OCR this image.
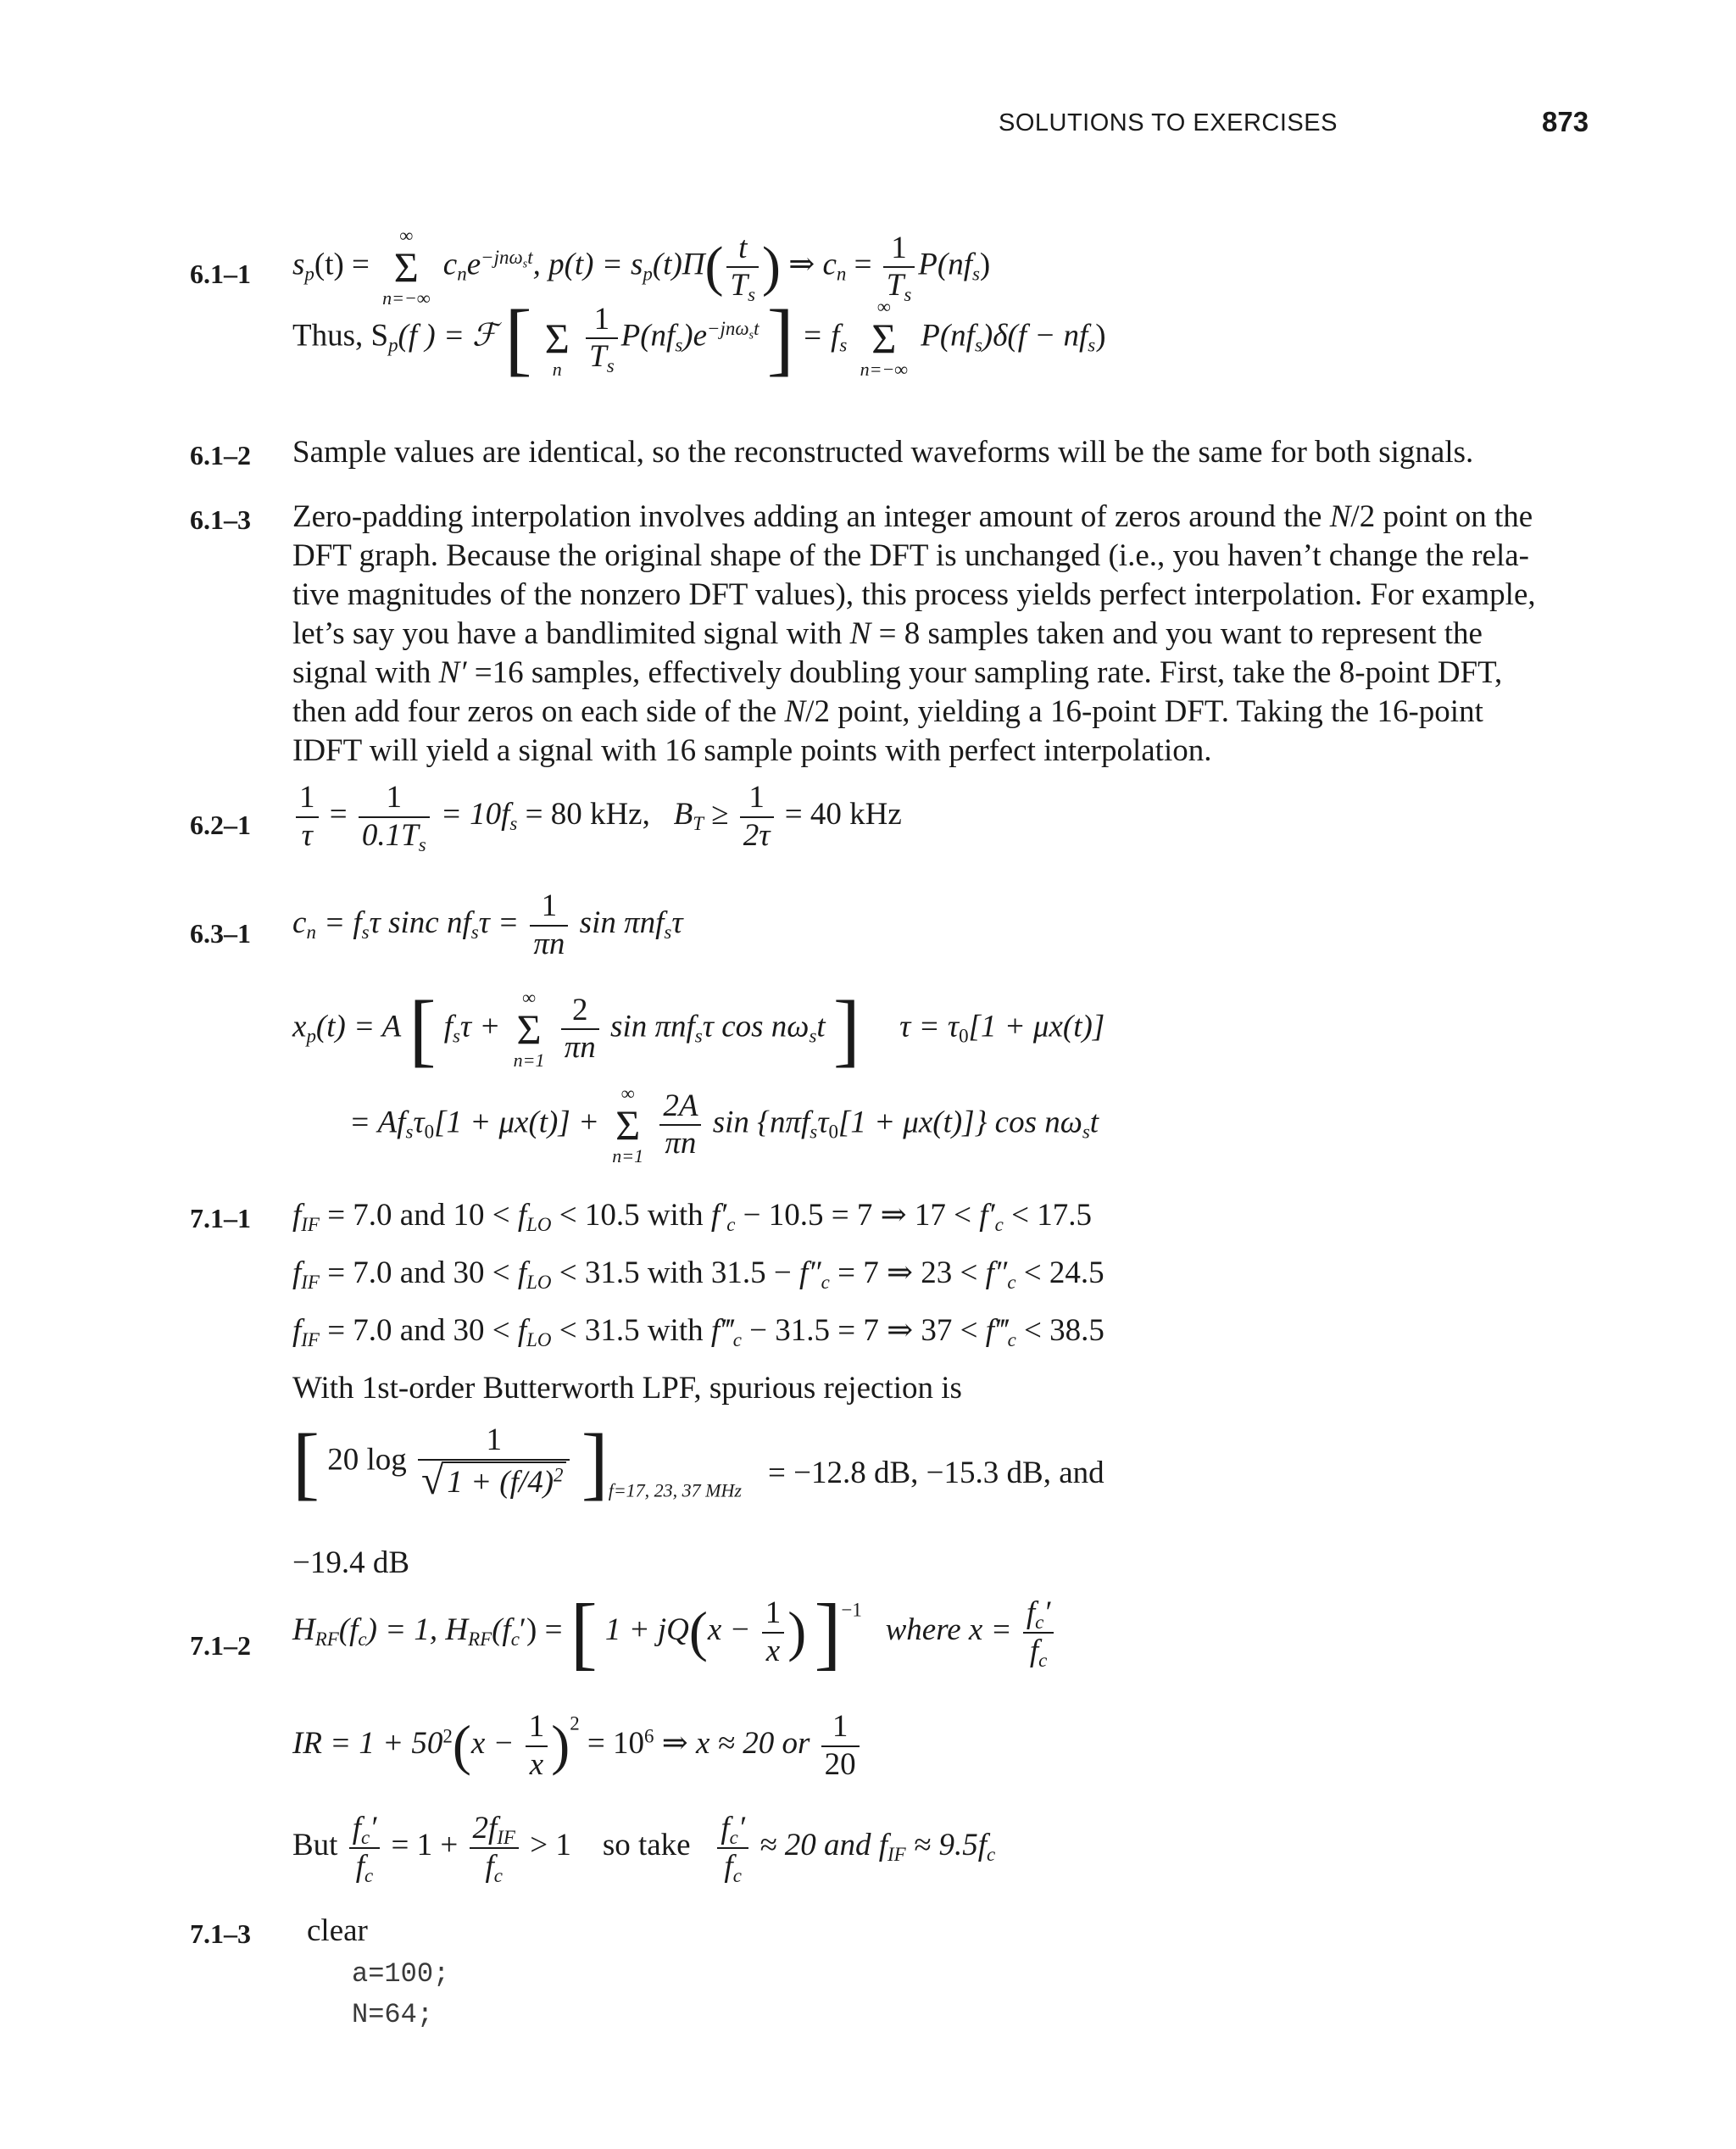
SOLUTIONS TO EXERCISES	873
6.1–1 $s_p(t)$ =
∞
Σ
n=−∞
$c_ne^{-jn\omega_st}$, $p(t) = s_p(t)\Pi( \frac{t}{T_s}$ ) ⇒ $c_n = \frac{1}{T_s} P(nf_s)$
Thus, $S_p(f$ ) = ℱ [
Σ
n
$\frac{1}{T_s} P(nf_s)e^{-jn\omega_st}$ ] = $f_s$
∞
Σ
n=−∞
$P(nf_s)\delta(f - nf_s)$
6.1–2 Sample values are identical, so the reconstructed waveforms will be the same for both signals.
6.1–3 Zero-padding interpolation involves adding an integer amount of zeros around the N/2 point on the
DFT graph. Because the original shape of the DFT is unchanged (i.e., you haven’t change the rela-
tive magnitudes of the nonzero DFT values), this process yields perfect interpolation. For example,
let’s say you have a bandlimited signal with N = 8 samples taken and you want to represent the
signal with N′ =16 samples, effectively doubling your sampling rate. First, take the 8-point DFT,
then add four zeros on each side of the N/2 point, yielding a 16-point DFT. Taking the 16-point
IDFT will yield a signal with 16 sample points with perfect interpolation.
$6.2-1 \frac{1}{\tau} = \frac{1}{0.1T_s} = 10f_s = 80$ kHz, $B_T \ge \frac{1}{2\tau} = 40$ kHz
6.3–1 $c_n = f_s\tau$ sinc $nf_s\tau = \frac{1}{\pi n}$ sin πnf$_s$τ
$x_p(t) = A$ [ $f_s\tau$ +
∞
Σ
n=1
$\frac{2}{\pi n}$ sin πnf$_s$τ $\cos n\omega_st$ ] $\tau = \tau_0[1 + \mu x(t)]$
= $Af_s\tau_0[1 + \mu x(t)]$ +
∞
Σ
n=1
$\frac{2A}{\pi n}$ $\sin \{n\pi f_s\tau_0[1 + \mu x(t)]\}$ $\cos n\omega_st$
7.1–1 $f_{IF} = 7.0$ and $10 < f_{LO} < 10.5$ with $f'_c - 10.5 = 7$ ⇒ $17 < f'_c < 17.5$
$f_{IF} = 7.0$ and $30 < f_{LO} < 31.5$ with $31.5 - f''_c = 7$ ⇒ $23 < f''_c < 24.5$
$f_{IF} = 7.0$ and $30 < f_{LO} < 31.5$ with $f‴_c - 31.5 = 7$ ⇒ $37 < f‴_c < 38.5$
With 1st-order Butterworth LPF, spurious rejection is
[ 20 $\log \frac{1}{√ 1 + (f/4)^2} ]_{f=17, 23, 37 MHz}$
= −12.8 dB, −15.3 dB, and
−19.4 dB
7.1–2 $H_{RF}(f_c) = 1$, $H_{RF}(f_c')$ = [ $1 + jQ(x - \frac{1}{x}$ ) ]$^{-1}$   where $x = \frac{f_c'}{f_c}$
IR = $1 + 50^2(x - \frac{1}{x} )^2 = 10^6$ ⇒ x ≈ 20 or $\frac{1}{20}$
But $\frac{f_c'}{f_c} = 1 + \frac{2f_{IF}}{f_c} > 1$ so take $\frac{f_c'}{f_c} \approx 20$ and $f_{IF} \approx 9.5f_c$
7.1–3 clear
a=100;
N=64;
